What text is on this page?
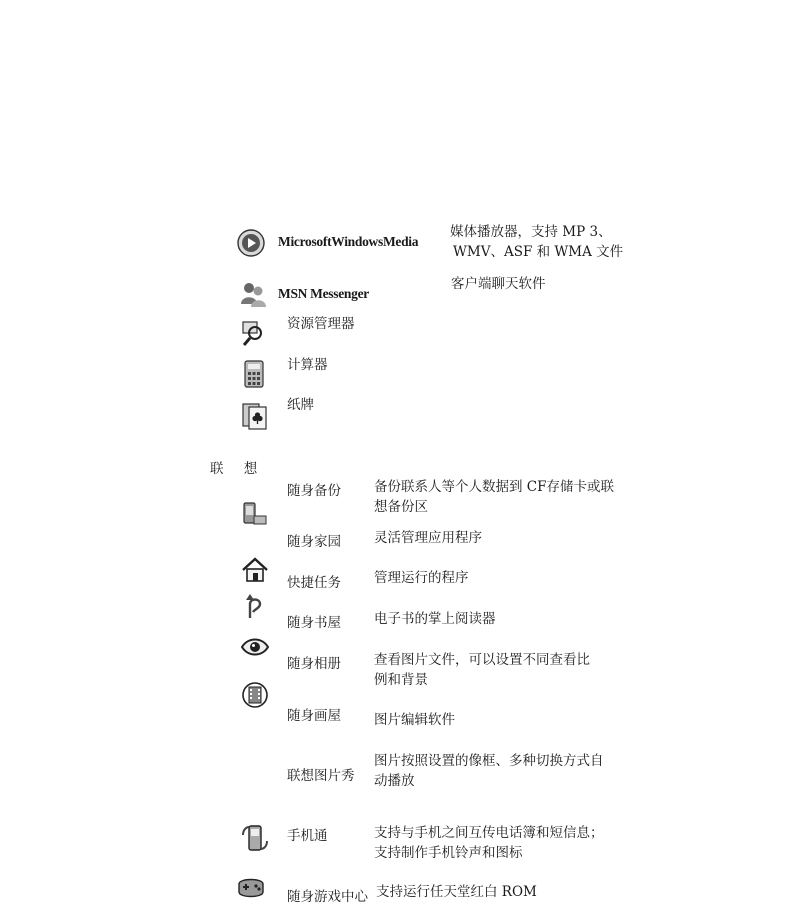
MicrosoftWindowsMedia
媒体播放器，支持 MP 3、
WMV、ASF 和 WMA 文件
客户端聊天软件
MSN Messenger
资源管理器
计算器
纸牌
联 想
随身备份 备份联系人等个人数据到 CF存储卡或联
想备份区
随身家园 灵活管理应用程序
快捷任务 管理运行的程序
随身书屋 电子书的掌上阅读器
随身相册 查看图片文件，可以设置不同查看比
例和背景
随身画屋 图片编辑软件
联想图片秀
图片按照设置的像框、多种切换方式自
动播放
手机通	支持与手机之间互传电话簿和短信息；
支持制作手机铃声和图标
随身游戏中心 支持运行任天堂红白 ROM
